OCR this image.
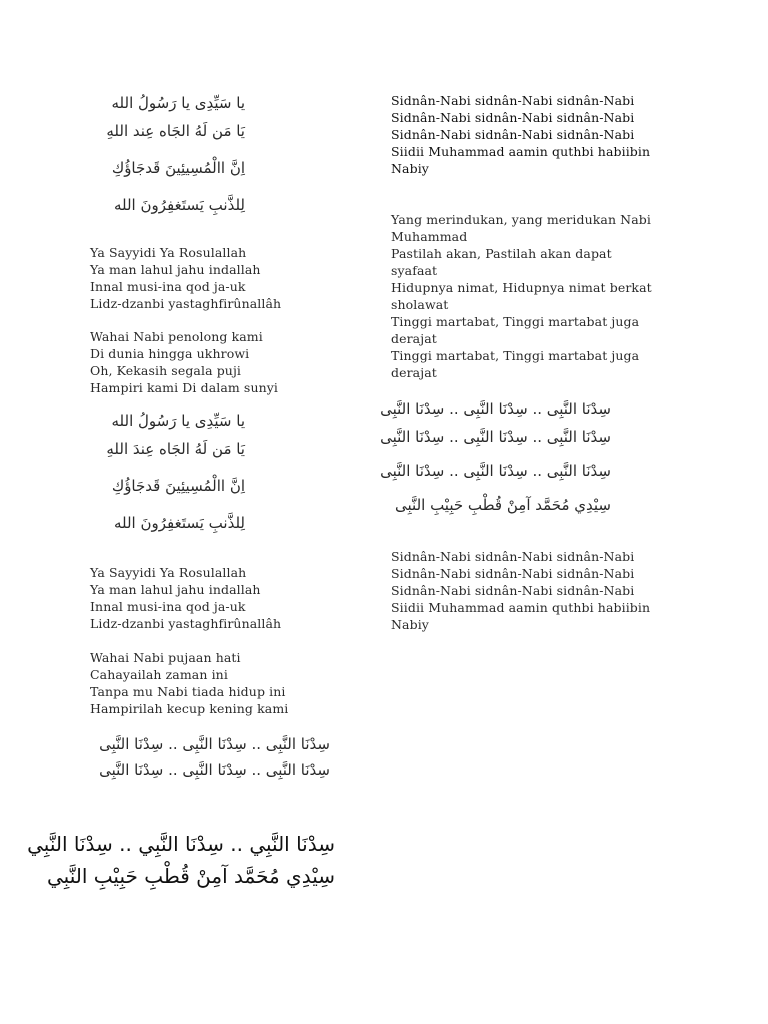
يا سَيِّدِى يا رَسُولُ الله
يَا مَن لَهُ الجَاه عِند اللهِ
اِنَّ االْمُسِيئِينَ قَدجَاؤُكِ
لِلذَّنبِ يَستَغفِرُونَ الله
Ya Sayyidi Ya Rosulallah
Ya man lahul jahu indallah
Innal musi-ina qod ja-uk
Lidz-dzanbi yastaghfirûnallâh
Wahai Nabi penolong kami
Di dunia hingga ukhrowi
Oh, Kekasih segala puji
Hampiri kami Di dalam sunyi
يا سَيِّدِى يا رَسُولُ الله
يَا مَن لَهُ الجَاه عِندَ اللهِ
اِنَّ االْمُسِيئِينَ قَدجَاؤُكِ
لِلذَّنبِ يَستَغفِرُونَ الله
Ya Sayyidi Ya Rosulallah
Ya man lahul jahu indallah
Innal musi-ina qod ja-uk
Lidz-dzanbi yastaghfirûnallâh
Wahai Nabi pujaan hati
Cahayailah zaman ini
Tanpa mu Nabi tiada hidup ini
Hampirilah kecup kening kami
سِدْنَا النَّبِى .. سِدْنَا النَّبِى .. سِدْنَا النَّبِى
سِدْنَا النَّبِى .. سِدْنَا النَّبِى .. سِدْنَا النَّبِى
سِدْنَا النَّبِي .. سِدْنَا النَّبِي .. سِدْنَا النَّبِي
سِيْدِي مُحَمَّد آمِنْ قُطْبِ حَبِيْبِ النَّبِي
Sidnân-Nabi sidnân-Nabi sidnân-Nabi
Sidnân-Nabi sidnân-Nabi sidnân-Nabi
Sidnân-Nabi sidnân-Nabi sidnân-Nabi
Siidii Muhammad aamin quthbi habiibin
Nabiy
Yang merindukan, yang meridukan Nabi
Muhammad
Pastilah akan, Pastilah akan dapat
syafaat
Hidupnya nimat, Hidupnya nimat berkat
sholawat
Tinggi martabat, Tinggi martabat juga
derajat
Tinggi martabat, Tinggi martabat juga
derajat
سِدْنَا النَّبِى .. سِدْنَا النَّبِى .. سِدْنَا النَّبِى
سِدْنَا النَّبِى .. سِدْنَا النَّبِى .. سِدْنَا النَّبِى
سِدْنَا النَّبِى .. سِدْنَا النَّبِى .. سِدْنَا النَّبِى
سِيْدِي مُحَمَّد آمِنْ قُطْبِ حَبِيْبِ النَّبِى
Sidnân-Nabi sidnân-Nabi sidnân-Nabi
Sidnân-Nabi sidnân-Nabi sidnân-Nabi
Sidnân-Nabi sidnân-Nabi sidnân-Nabi
Siidii Muhammad aamin quthbi habiibin
Nabiy
